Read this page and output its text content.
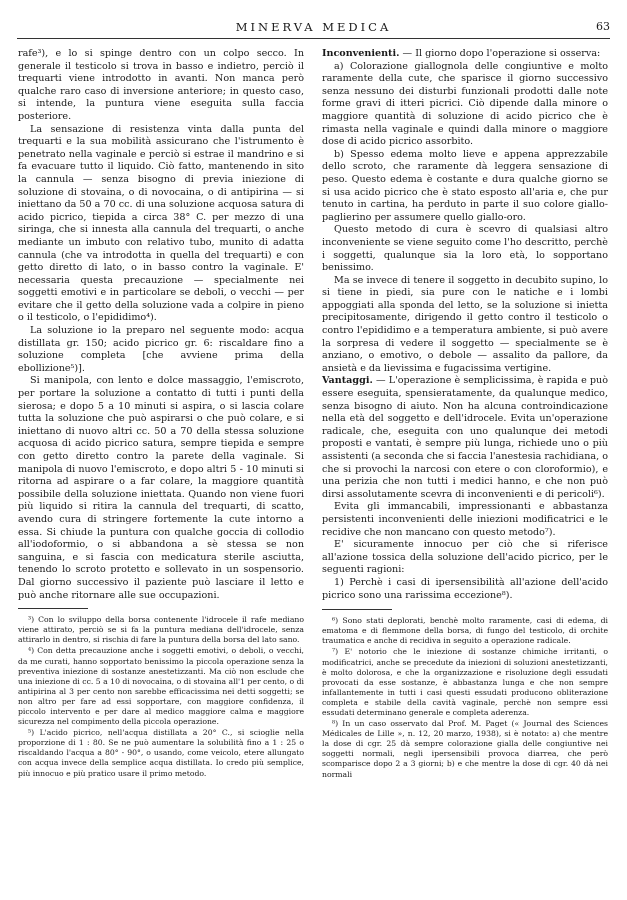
MINERVA MEDICA	63

rafe³), e lo si spinge dentro con un colpo secco. In generale il testicolo si trova in basso e indietro, perciò il trequarti viene introdotto in avanti. Non manca però qualche raro caso di inversione anteriore; in questo caso, si intende, la puntura viene eseguita sulla faccia posteriore.

La sensazione di resistenza vinta dalla punta del trequarti e la sua mobilità assicurano che l'istrumento è penetrato nella vaginale e perciò si estrae il mandrino e si fa evacuare tutto il liquido. Ciò fatto, mantenendo in sito la cannula — senza bisogno di previa iniezione di soluzione di stovaina, o di novocaina, o di antipirina — si iniettano da 50 a 70 cc. di una soluzione acquosa satura di acido picrico, tiepida a circa 38° C. per mezzo di una siringa, che si innesta alla cannula del trequarti, o anche mediante un imbuto con relativo tubo, munito di adatta cannula (che va introdotta in quella del trequarti) e con getto diretto di lato, o in basso contro la vaginale. E' necessaria questa precauzione — specialmente nei soggetti emotivi e in particolare se deboli, o vecchi — per evitare che il getto della soluzione vada a colpire in pieno o il testicolo, o l'epididimo⁴).

La soluzione io la preparo nel seguente modo: acqua distillata gr. 150; acido picrico gr. 6: riscaldare fino a soluzione completa [che avviene prima della ebollizione⁵)].

Si manipola, con lento e dolce massaggio, l'emiscroto, per portare la soluzione a contatto di tutti i punti della sierosa; e dopo 5 a 10 minuti si aspira, o si lascia colare tutta la soluzione che può aspirarsi o che può colare, e si iniettano di nuovo altri cc. 50 a 70 della stessa soluzione acquosa di acido picrico satura, sempre tiepida e sempre con getto diretto contro la parete della vaginale. Si manipola di nuovo l'emiscroto, e dopo altri 5 - 10 minuti si ritorna ad aspirare o a far colare, la maggiore quantità possibile della soluzione iniettata. Quando non viene fuori più liquido si ritira la cannula del trequarti, di scatto, avendo cura di stringere fortemente la cute intorno a essa. Si chiude la puntura con qualche goccia di collodio all'iodoformio, o si abbandona a sè stessa se non sanguina, e si fascia con medicatura sterile asciutta, tenendo lo scroto protetto e sollevato in un sospensorio. Dal giorno successivo il paziente può lasciare il letto e può anche ritornare alle sue occupazioni.

³) Con lo sviluppo della borsa contenente l'idrocele il rafe mediano viene attirato, perciò se si fa la puntura mediana dell'idrocele, senza attirarlo in dentro, si rischia di fare la puntura della borsa del lato sano.

⁴) Con detta precauzione anche i soggetti emotivi, o deboli, o vecchi, da me curati, hanno sopportato benissimo la piccola operazione senza la preventiva iniezione di sostanze anestetizzanti. Ma ciò non esclude che una iniezione di cc. 5 a 10 di novocaina, o di stovaina all'1 per cento, o di antipirina al 3 per cento non sarebbe efficacissima nei detti soggetti; se non altro per fare ad essi sopportare, con maggiore confidenza, il piccolo intervento e per dare al medico maggiore calma e maggiore sicurezza nel compimento della piccola operazione.

⁵) L'acido picrico, nell'acqua distillata a 20° C., si scioglie nella proporzione di 1 : 80. Se ne può aumentare la solubilità fino a 1 : 25 o riscaldando l'acqua a 80° - 90°, o usando, come veicolo, etere allungato con acqua invece della semplice acqua distillata. Io credo più semplice, più innocuo e più pratico usare il primo metodo.

Inconvenienti. — Il giorno dopo l'operazione si osserva:

a) Colorazione giallognola delle congiuntive e molto raramente della cute, che sparisce il giorno successivo senza nessuno dei disturbi funzionali prodotti dalle note forme gravi di itteri picrici. Ciò dipende dalla minore o maggiore quantità di soluzione di acido picrico che è rimasta nella vaginale e quindi dalla minore o maggiore dose di acido picrico assorbito.

b) Spesso edema molto lieve e appena apprezzabile dello scroto, che raramente dà leggera sensazione di peso. Questo edema è costante e dura qualche giorno se si usa acido picrico che è stato esposto all'aria e, che pur tenuto in cartina, ha perduto in parte il suo colore giallo-paglierino per assumere quello giallo-oro.

Questo metodo di cura è scevro di qualsiasi altro inconveniente se viene seguito come l'ho descritto, perchè i soggetti, qualunque sia la loro età, lo sopportano benissimo.

Ma se invece di tenere il soggetto in decubito supino, lo si tiene in piedi, sia pure con le natiche e i lombi appoggiati alla sponda del letto, se la soluzione si inietta precipitosamente, dirigendo il getto contro il testicolo o contro l'epididimo e a temperatura ambiente, si può avere la sorpresa di vedere il soggetto — specialmente se è anziano, o emotivo, o debole — assalito da pallore, da ansietà e da lievissima e fugacissima vertigine.

Vantaggi. — L'operazione è semplicissima, è rapida e può essere eseguita, spensieratamente, da qualunque medico, senza bisogno di aiuto. Non ha alcuna controindicazione nella età del soggetto e dell'idrocele. Evita un'operazione radicale, che, eseguita con uno qualunque dei metodi proposti e vantati, è sempre più lunga, richiede uno o più assistenti (a seconda che si faccia l'anestesia rachidiana, o che si provochi la narcosi con etere o con cloroformio), e una perizia che non tutti i medici hanno, e che non può dirsi assolutamente scevra di inconvenienti e di pericoli⁶).

Evita gli immancabili, impressionanti e abbastanza persistenti inconvenienti delle iniezioni modificatrici e le recidive che non mancano con questo metodo⁷).

E' sicuramente innocuo per ciò che si riferisce all'azione tossica della soluzione dell'acido picrico, per le seguenti ragioni:

1) Perchè i casi di ipersensibilità all'azione dell'acido picrico sono una rarissima eccezione⁸).

⁶) Sono stati deplorati, benchè molto raramente, casi di edema, di ematoma e di flemmone della borsa, di fungo del testicolo, di orchite traumatica e anche di recidiva in seguito a operazione radicale.

⁷) E' notorio che le iniezione di sostanze chimiche irritanti, o modificatrici, anche se precedute da iniezioni di soluzioni anestetizzanti, è molto dolorosa, e che la organizzazione e risoluzione degli essudati provocati da esse sostanze, è abbastanza lunga e che non sempre infallantemente in tutti i casi questi essudati producono obliterazione completa e stabile della cavità vaginale, perchè non sempre essi essudati determinano generale e completa aderenza.

⁸) In un caso osservato dal Prof. M. Paget (« Journal des Sciences Médicales de Lille », n. 12, 20 marzo, 1938), si è notato: a) che mentre la dose di cgr. 25 dà sempre colorazione gialla delle congiuntive nei soggetti normali, negli ipersensibili provoca diarrea, che però scomparisce dopo 2 a 3 giorni; b) e che mentre la dose di cgr. 40 dà nei normali
